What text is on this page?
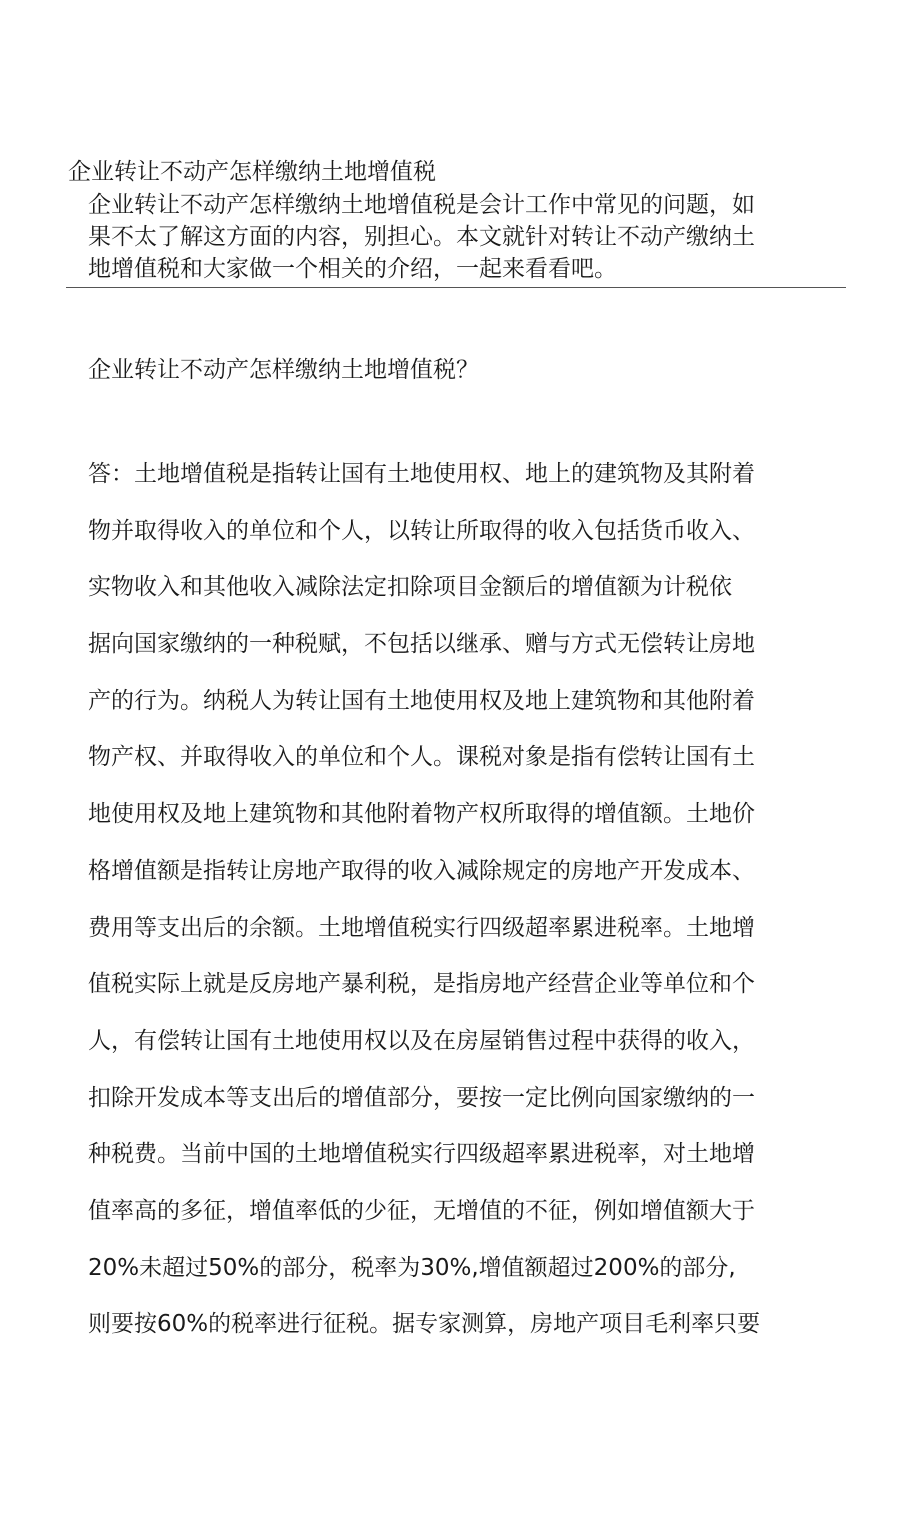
企业转让不动产怎样缴纳土地增值税

企业转让不动产怎样缴纳土地增值税是会计工作中常见的问题，如
果不太了解这方面的内容，别担心。本文就针对转让不动产缴纳土
地增值税和大家做一个相关的介绍，一起来看看吧。

企业转让不动产怎样缴纳土地增值税？

答：土地增值税是指转让国有土地使用权、地上的建筑物及其附着
物并取得收入的单位和个人，以转让所取得的收入包括货币收入、
实物收入和其他收入减除法定扣除项目金额后的增值额为计税依
据向国家缴纳的一种税赋，不包括以继承、赠与方式无偿转让房地
产的行为。纳税人为转让国有土地使用权及地上建筑物和其他附着
物产权、并取得收入的单位和个人。课税对象是指有偿转让国有土
地使用权及地上建筑物和其他附着物产权所取得的增值额。土地价
格增值额是指转让房地产取得的收入减除规定的房地产开发成本、
费用等支出后的余额。土地增值税实行四级超率累进税率。土地增
值税实际上就是反房地产暴利税，是指房地产经营企业等单位和个
人，有偿转让国有土地使用权以及在房屋销售过程中获得的收入，
扣除开发成本等支出后的增值部分，要按一定比例向国家缴纳的一
种税费。当前中国的土地增值税实行四级超率累进税率，对土地增
值率高的多征，增值率低的少征，无增值的不征，例如增值额大于
20%未超过50%的部分，税率为30%,增值额超过200%的部分,
则要按60%的税率进行征税。据专家测算，房地产项目毛利率只要
